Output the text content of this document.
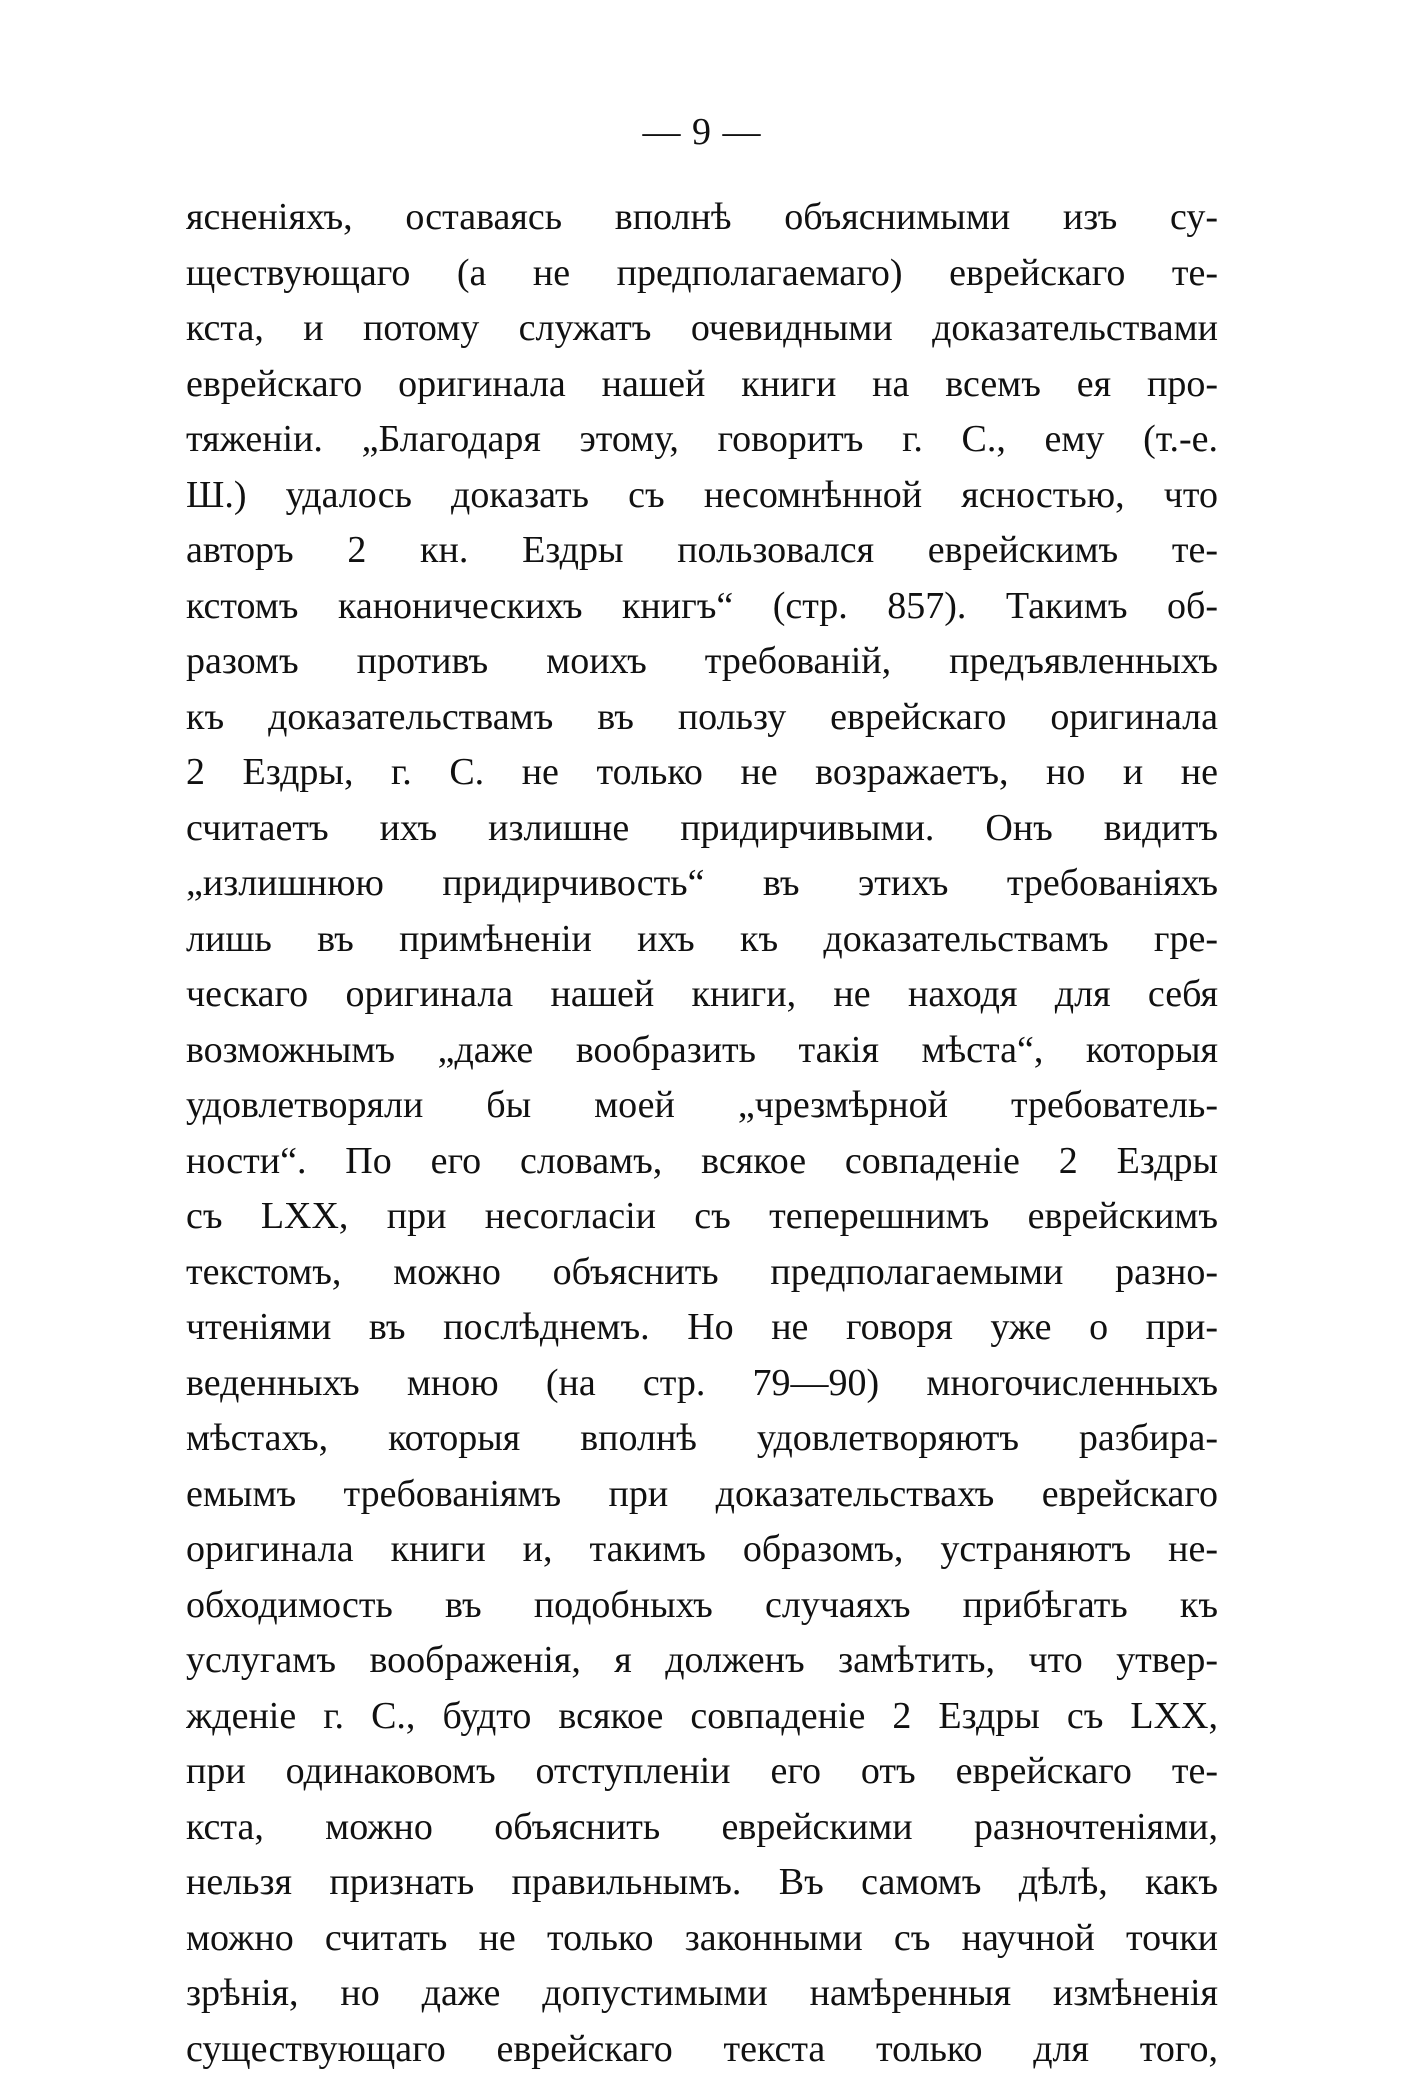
— 9 —
ясненіяхъ, оставаясь вполнѣ объяснимыми изъ су-
ществующаго (а не предполагаемаго) еврейскаго те-
кста, и потому служатъ очевидными доказательствами
еврейскаго оригинала нашей книги на всемъ ея про-
тяженіи. „Благодаря этому, говоритъ г. С., ему (т.-е.
Ш.) удалось доказать съ несомнѣнной ясностью, что
авторъ 2 кн. Ездры пользовался еврейскимъ те-
кстомъ каноническихъ книгъ“ (стр. 857). Такимъ об-
разомъ противъ моихъ требованій, предъявленныхъ
къ доказательствамъ въ пользу еврейскаго оригинала
2 Ездры, г. С. не только не возражаетъ, но и не
считаетъ ихъ излишне придирчивыми. Онъ видитъ
„излишнюю придирчивость“ въ этихъ требованіяхъ
лишь въ примѣненіи ихъ къ доказательствамъ гре-
ческаго оригинала нашей книги, не находя для себя
возможнымъ „даже вообразить такія мѣста“, которыя
удовлетворяли бы моей „чрезмѣрной требователь-
ности“. По его словамъ, всякое совпаденіе 2 Ездры
съ LXX, при несогласіи съ теперешнимъ еврейскимъ
текстомъ, можно объяснить предполагаемыми разно-
чтеніями въ послѣднемъ. Но не говоря уже о при-
веденныхъ мною (на стр. 79—90) многочисленныхъ
мѣстахъ, которыя вполнѣ удовлетворяютъ разбира-
емымъ требованіямъ при доказательствахъ еврейскаго
оригинала книги и, такимъ образомъ, устраняютъ не-
обходимость въ подобныхъ случаяхъ прибѣгать къ
услугамъ воображенія, я долженъ замѣтить, что утвер-
жденіе г. С., будто всякое совпаденіе 2 Ездры съ LXX,
при одинаковомъ отступленіи его отъ еврейскаго те-
кста, можно объяснить еврейскими разночтеніями,
нельзя признать правильнымъ. Въ самомъ дѣлѣ, какъ
можно считать не только законными съ научной точки
зрѣнія, но даже допустимыми намѣренныя измѣненія
существующаго еврейскаго текста только для того,
